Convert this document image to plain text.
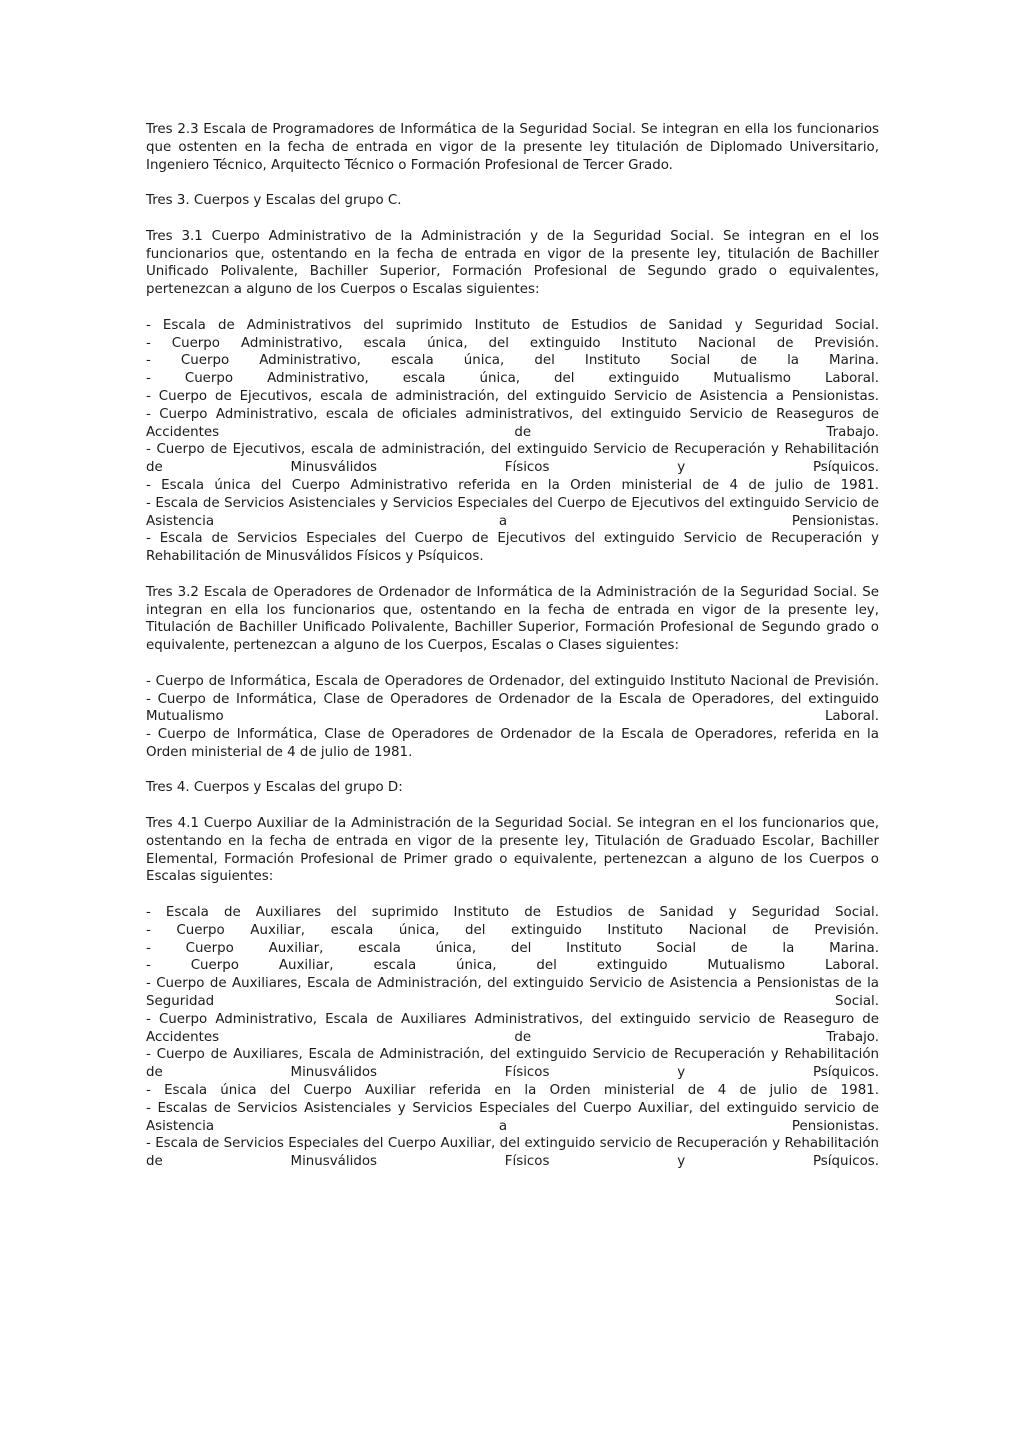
Tres 2.3 Escala de Programadores de Informática de la Seguridad Social. Se integran en ella los funcionarios que ostenten en la fecha de entrada en vigor de la presente ley titulación de Diplomado Universitario, Ingeniero Técnico, Arquitecto Técnico o Formación Profesional de Tercer Grado.

Tres 3. Cuerpos y Escalas del grupo C.

Tres 3.1 Cuerpo Administrativo de la Administración y de la Seguridad Social. Se integran en el los funcionarios que, ostentando en la fecha de entrada en vigor de la presente ley, titulación de Bachiller Unificado Polivalente, Bachiller Superior, Formación Profesional de Segundo grado o equivalentes, pertenezcan a alguno de los Cuerpos o Escalas siguientes:

- Escala de Administrativos del suprimido Instituto de Estudios de Sanidad y Seguridad Social.
- Cuerpo Administrativo, escala única, del extinguido Instituto Nacional de Previsión.
- Cuerpo Administrativo, escala única, del Instituto Social de la Marina.
- Cuerpo Administrativo, escala única, del extinguido Mutualismo Laboral.
- Cuerpo de Ejecutivos, escala de administración, del extinguido Servicio de Asistencia a Pensionistas.
- Cuerpo Administrativo, escala de oficiales administrativos, del extinguido Servicio de Reaseguros de Accidentes de Trabajo.
- Cuerpo de Ejecutivos, escala de administración, del extinguido Servicio de Recuperación y Rehabilitación de Minusválidos Físicos y Psíquicos.
- Escala única del Cuerpo Administrativo referida en la Orden ministerial de 4 de julio de 1981.
- Escala de Servicios Asistenciales y Servicios Especiales del Cuerpo de Ejecutivos del extinguido Servicio de Asistencia a Pensionistas.
- Escala de Servicios Especiales del Cuerpo de Ejecutivos del extinguido Servicio de Recuperación y Rehabilitación de Minusválidos Físicos y Psíquicos.

Tres 3.2 Escala de Operadores de Ordenador de Informática de la Administración de la Seguridad Social. Se integran en ella los funcionarios que, ostentando en la fecha de entrada en vigor de la presente ley, Titulación de Bachiller Unificado Polivalente, Bachiller Superior, Formación Profesional de Segundo grado o equivalente, pertenezcan a alguno de los Cuerpos, Escalas o Clases siguientes:

- Cuerpo de Informática, Escala de Operadores de Ordenador, del extinguido Instituto Nacional de Previsión.
- Cuerpo de Informática, Clase de Operadores de Ordenador de la Escala de Operadores, del extinguido Mutualismo Laboral.
- Cuerpo de Informática, Clase de Operadores de Ordenador de la Escala de Operadores, referida en la Orden ministerial de 4 de julio de 1981.

Tres 4. Cuerpos y Escalas del grupo D:

Tres 4.1 Cuerpo Auxiliar de la Administración de la Seguridad Social. Se integran en el los funcionarios que, ostentando en la fecha de entrada en vigor de la presente ley, Titulación de Graduado Escolar, Bachiller Elemental, Formación Profesional de Primer grado o equivalente, pertenezcan a alguno de los Cuerpos o Escalas siguientes:

- Escala de Auxiliares del suprimido Instituto de Estudios de Sanidad y Seguridad Social.
- Cuerpo Auxiliar, escala única, del extinguido Instituto Nacional de Previsión.
- Cuerpo Auxiliar, escala única, del Instituto Social de la Marina.
- Cuerpo Auxiliar, escala única, del extinguido Mutualismo Laboral.
- Cuerpo de Auxiliares, Escala de Administración, del extinguido Servicio de Asistencia a Pensionistas de la Seguridad Social.
- Cuerpo Administrativo, Escala de Auxiliares Administrativos, del extinguido servicio de Reaseguro de Accidentes de Trabajo.
- Cuerpo de Auxiliares, Escala de Administración, del extinguido Servicio de Recuperación y Rehabilitación de Minusválidos Físicos y Psíquicos.
- Escala única del Cuerpo Auxiliar referida en la Orden ministerial de 4 de julio de 1981.
- Escalas de Servicios Asistenciales y Servicios Especiales del Cuerpo Auxiliar, del extinguido servicio de Asistencia a Pensionistas.
- Escala de Servicios Especiales del Cuerpo Auxiliar, del extinguido servicio de Recuperación y Rehabilitación de Minusválidos Físicos y Psíquicos.
